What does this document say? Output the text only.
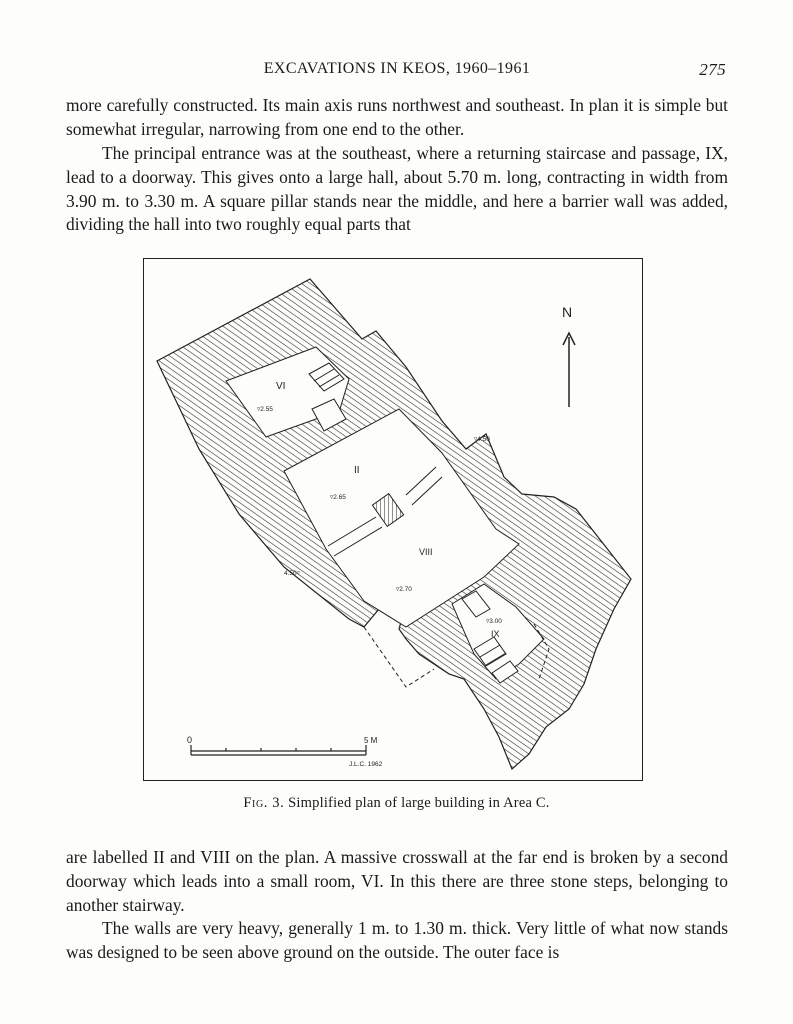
EXCAVATIONS IN KEOS, 1960–1961	275

more carefully constructed. Its main axis runs northwest and southeast. In plan it is simple but somewhat irregular, narrowing from one end to the other.

The principal entrance was at the southeast, where a returning staircase and passage, IX, lead to a doorway. This gives onto a large hall, about 5.70 m. long, contracting in width from 3.90 m. to 3.30 m. A square pillar stands near the middle, and here a barrier wall was added, dividing the hall into two roughly equal parts that

N
VI
II
VIII
IX
▿2.55
▿2.65
▿2.70
▿3.00
▿4.50
4.50▿
0	5 M
J.L.C. 1962
Fig. 3. Simplified plan of large building in Area C.

are labelled II and VIII on the plan. A massive crosswall at the far end is broken by a second doorway which leads into a small room, VI. In this there are three stone steps, belonging to another stairway.

The walls are very heavy, generally 1 m. to 1.30 m. thick. Very little of what now stands was designed to be seen above ground on the outside. The outer face is
